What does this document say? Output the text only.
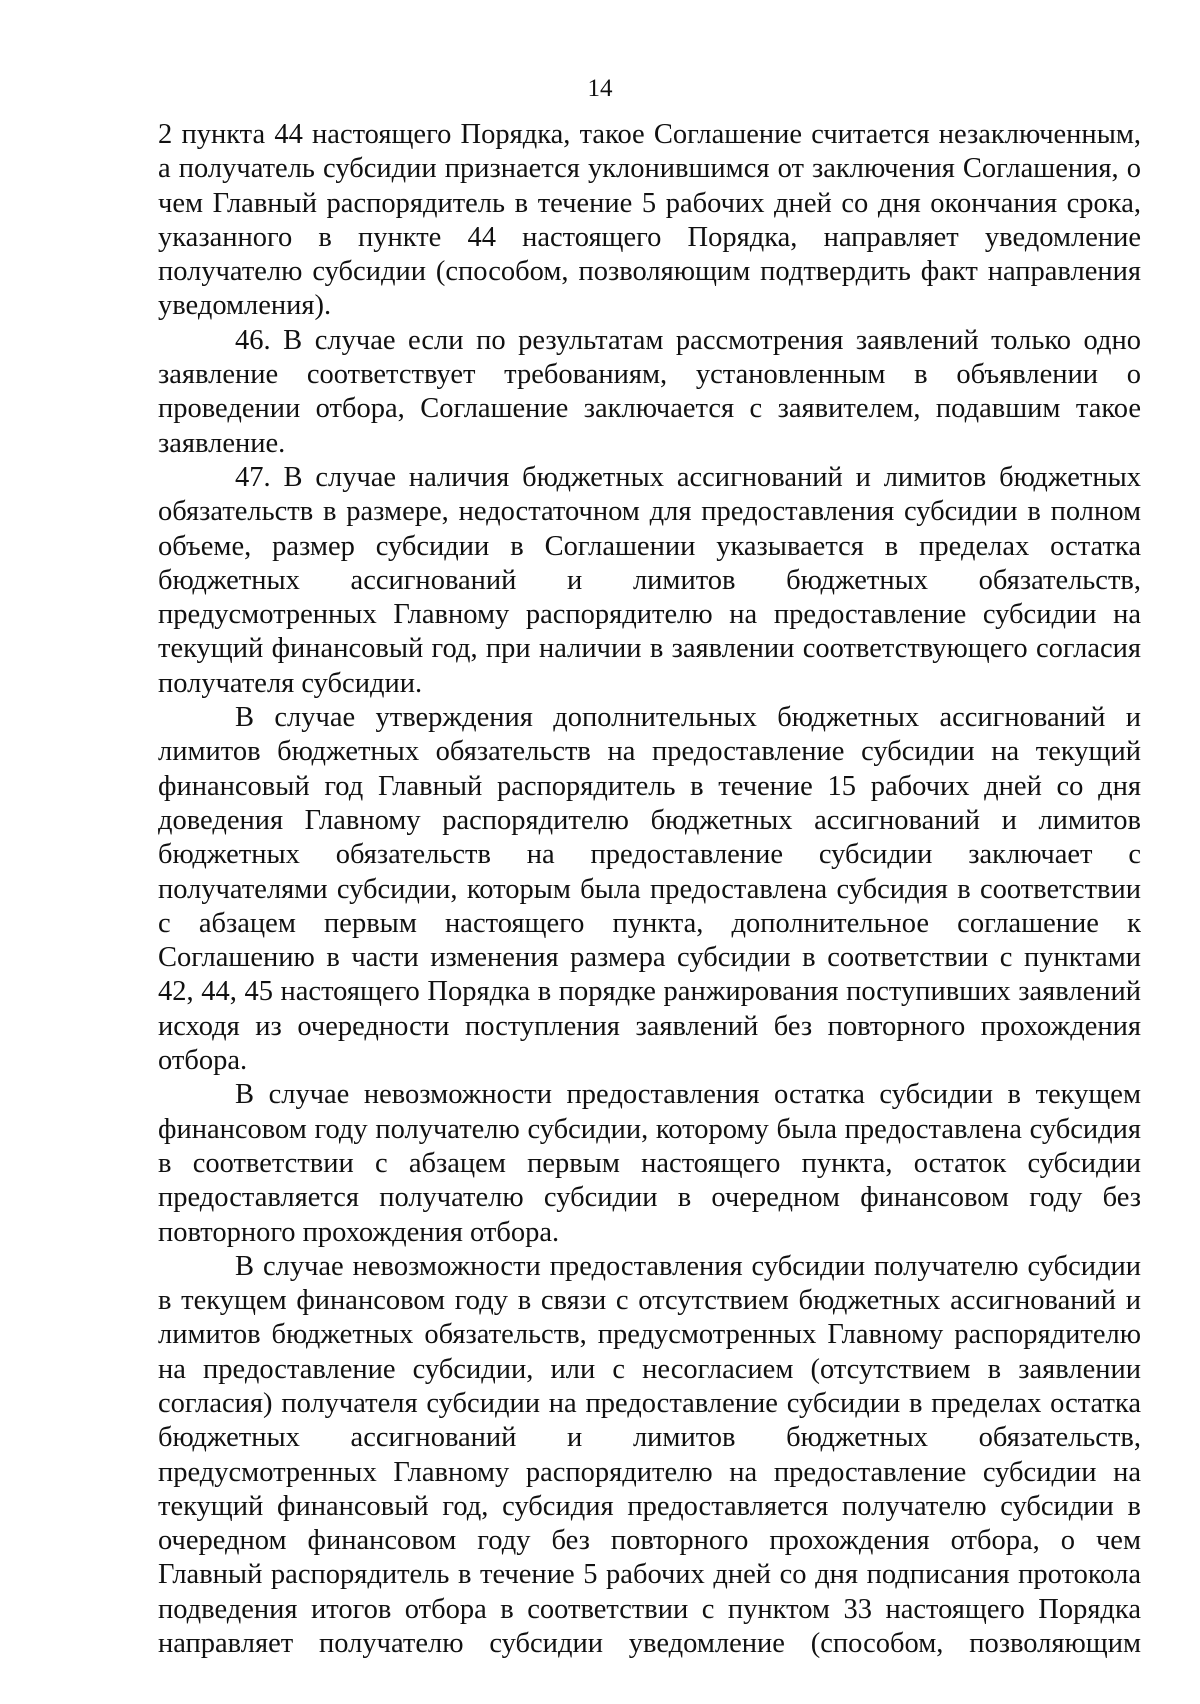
14

2 пункта 44 настоящего Порядка, такое Соглашение считается незаключенным, а получатель субсидии признается уклонившимся от заключения Соглашения, о чем Главный распорядитель в течение 5 рабочих дней со дня окончания срока, указанного в пункте 44 настоящего Порядка, направляет уведомление получателю субсидии (способом, позволяющим подтвердить факт направления уведомления).

46. В случае если по результатам рассмотрения заявлений только одно заявление соответствует требованиям, установленным в объявлении о проведении отбора, Соглашение заключается с заявителем, подавшим такое заявление.

47. В случае наличия бюджетных ассигнований и лимитов бюджетных обязательств в размере, недостаточном для предоставления субсидии в полном объеме, размер субсидии в Соглашении указывается в пределах остатка бюджетных ассигнований и лимитов бюджетных обязательств, предусмотренных Главному распорядителю на предоставление субсидии на текущий финансовый год, при наличии в заявлении соответствующего согласия получателя субсидии.

В случае утверждения дополнительных бюджетных ассигнований и лимитов бюджетных обязательств на предоставление субсидии на текущий финансовый год Главный распорядитель в течение 15 рабочих дней со дня доведения Главному распорядителю бюджетных ассигнований и лимитов бюджетных обязательств на предоставление субсидии заключает с получателями субсидии, которым была предоставлена субсидия в соответствии с абзацем первым настоящего пункта, дополнительное соглашение к Соглашению в части изменения размера субсидии в соответствии с пунктами 42, 44, 45 настоящего Порядка в порядке ранжирования поступивших заявлений исходя из очередности поступления заявлений без повторного прохождения отбора.

В случае невозможности предоставления остатка субсидии в текущем финансовом году получателю субсидии, которому была предоставлена субсидия в соответствии с абзацем первым настоящего пункта, остаток субсидии предоставляется получателю субсидии в очередном финансовом году без повторного прохождения отбора.

В случае невозможности предоставления субсидии получателю субсидии в текущем финансовом году в связи с отсутствием бюджетных ассигнований и лимитов бюджетных обязательств, предусмотренных Главному распорядителю на предоставление субсидии, или с несогласием (отсутствием в заявлении согласия) получателя субсидии на предоставление субсидии в пределах остатка бюджетных ассигнований и лимитов бюджетных обязательств, предусмотренных Главному распорядителю на предоставление субсидии на текущий финансовый год, субсидия предоставляется получателю субсидии в очередном финансовом году без повторного прохождения отбора, о чем Главный распорядитель в течение 5 рабочих дней со дня подписания протокола подведения итогов отбора в соответствии с пунктом 33 настоящего Порядка направляет получателю субсидии уведомление (способом, позволяющим
